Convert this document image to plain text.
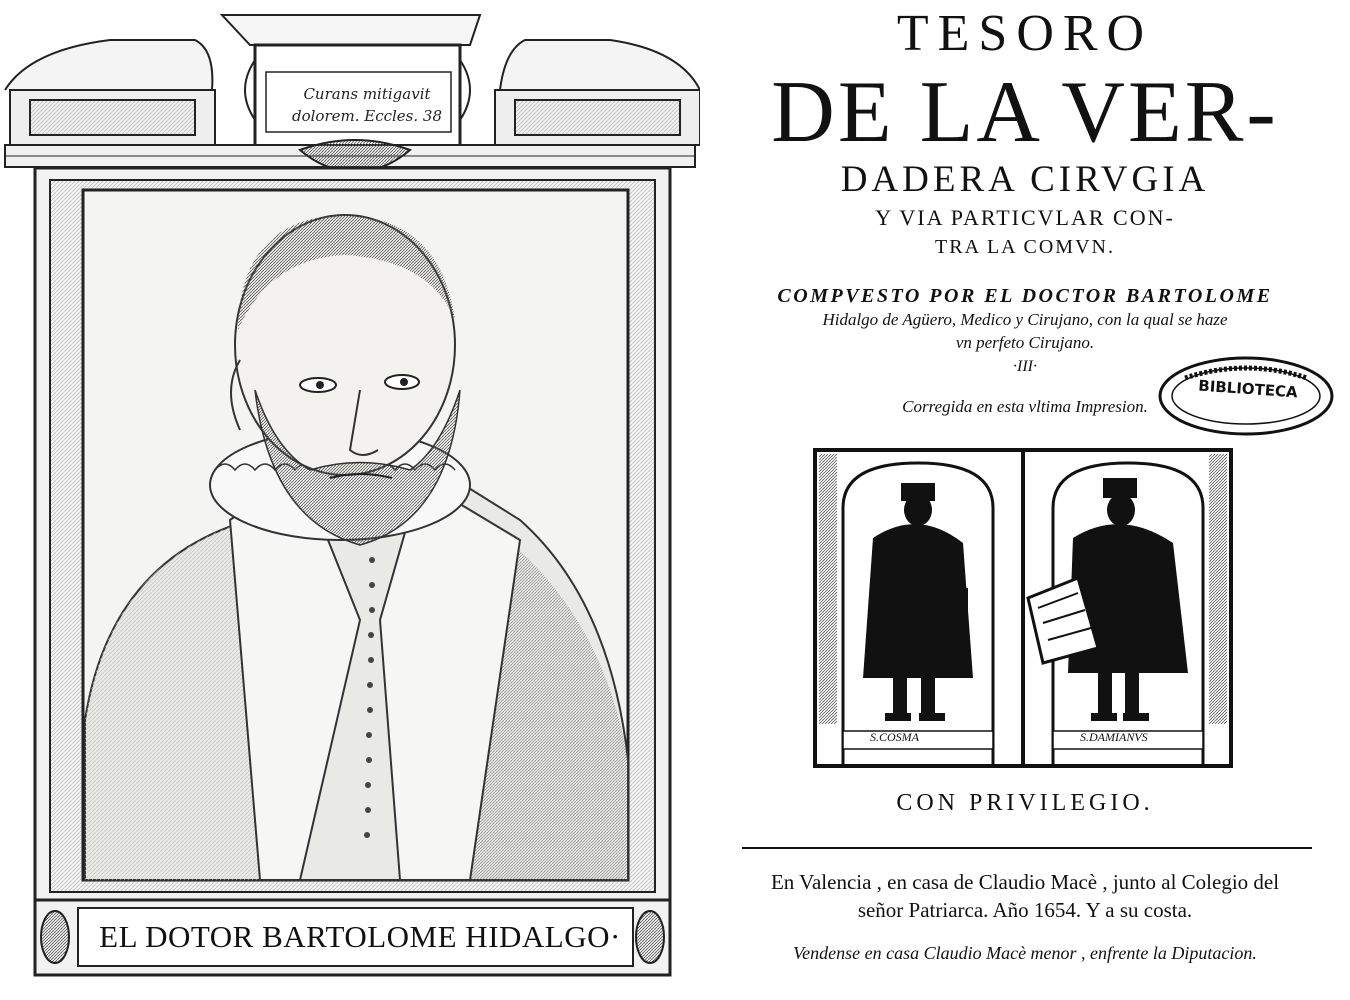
Curans mitigavit
dolorem. Eccles. 38
EL DOTOR BARTOLOME HIDALGO·
TESORO
DE LA VER-
DADERA CIRVGIA
Y VIA PARTICVLAR CON-
TRA LA COMVN.
COMPVESTO POR EL DOCTOR BARTOLOME
Hidalgo de Agüero, Medico y Cirujano, con la qual se haze
vn perfeto Cirujano.
·III·
Corregida en esta vltima Impresion.
BIBLIOTECA
S.COSMA	S.DAMIANVS
CON PRIVILEGIO.
En Valencia , en casa de Claudio Macè , junto al Colegio del
señor Patriarca. Año 1654. Y a su costa.
Vendense en casa Claudio Macè menor , enfrente la Diputacion.
